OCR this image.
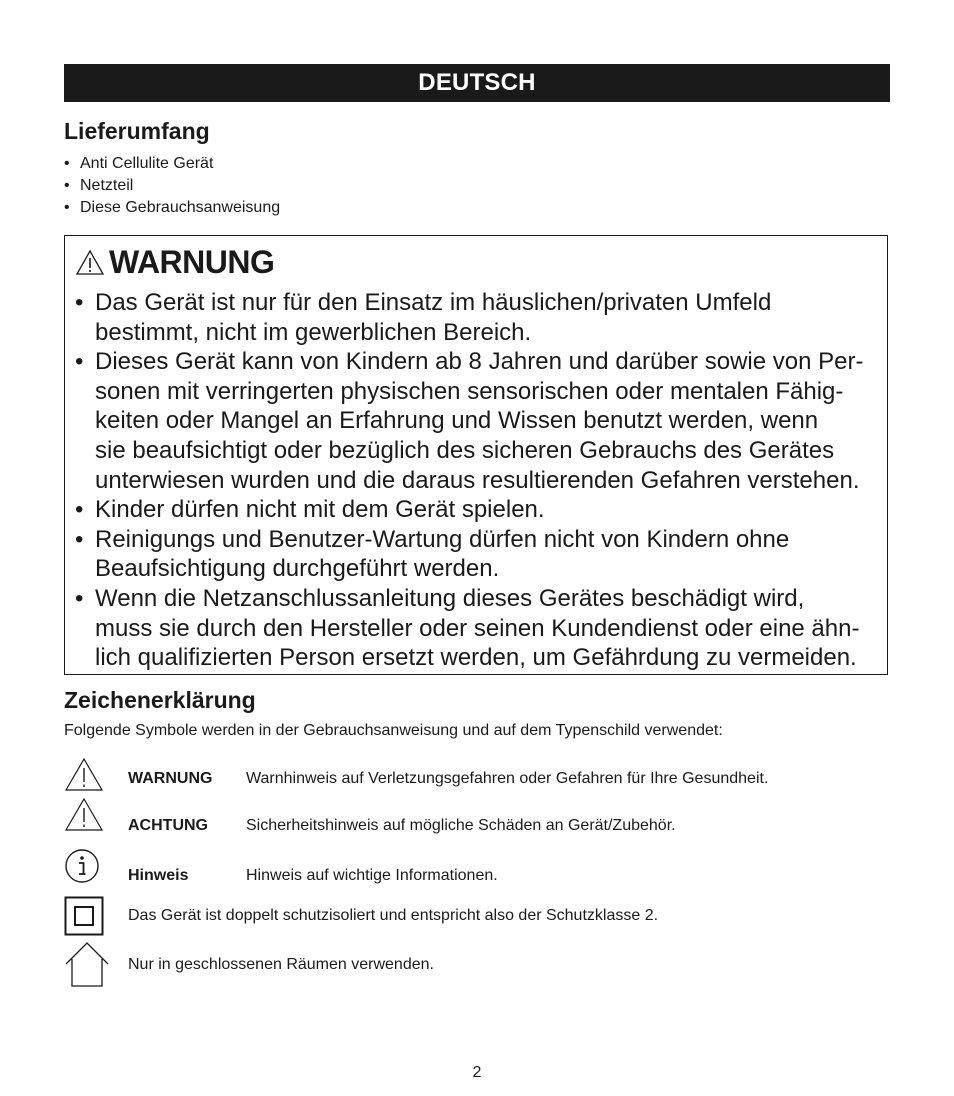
DEUTSCH
Lieferumfang
• Anti Cellulite Gerät
• Netzteil
• Diese Gebrauchsanweisung
WARNUNG
• Das Gerät ist nur für den Einsatz im häuslichen/privaten Umfeld
bestimmt, nicht im gewerblichen Bereich.
• Dieses Gerät kann von Kindern ab 8 Jahren und darüber sowie von Per-
sonen mit verringerten physischen sensorischen oder mentalen Fähig-
keiten oder Mangel an Erfahrung und Wissen benutzt werden, wenn
sie beaufsichtigt oder bezüglich des sicheren Gebrauchs des Gerätes
unterwiesen wurden und die daraus resultierenden Gefahren verstehen.
• Kinder dürfen nicht mit dem Gerät spielen.
• Reinigungs und Benutzer-Wartung dürfen nicht von Kindern ohne
Beaufsichtigung durchgeführt werden.
• Wenn die Netzanschlussanleitung dieses Gerätes beschädigt wird,
muss sie durch den Hersteller oder seinen Kundendienst oder eine ähn-
lich qualifizierten Person ersetzt werden, um Gefährdung zu vermeiden.
Zeichenerklärung

Folgende Symbole werden in der Gebrauchsanweisung und auf dem Typenschild verwendet:

WARNUNG Warnhinweis auf Verletzungsgefahren oder Gefahren für Ihre Gesundheit.
ACHTUNG Sicherheitshinweis auf mögliche Schäden an Gerät/Zubehör.
Hinweis	Hinweis auf wichtige Informationen.
Das Gerät ist doppelt schutzisoliert und entspricht also der Schutzklasse 2.
Nur in geschlossenen Räumen verwenden.
2
